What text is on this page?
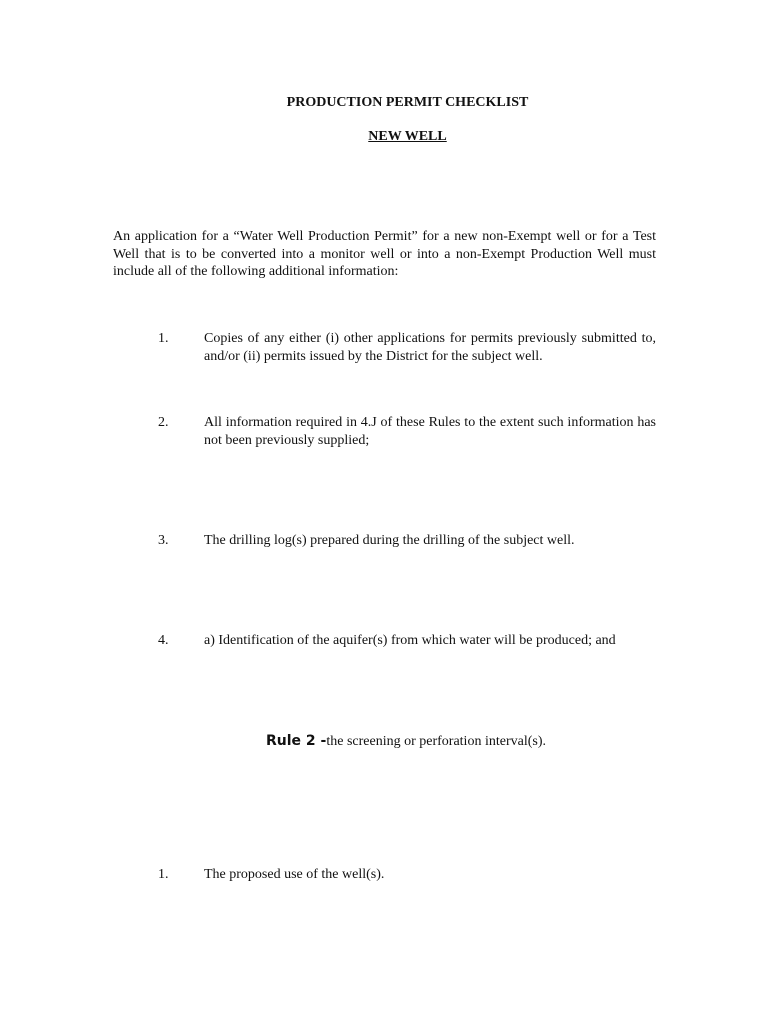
PRODUCTION PERMIT CHECKLIST
NEW WELL
An application for a “Water Well Production Permit” for a new non-Exempt well or for a Test Well that is to be converted into a monitor well or into a non-Exempt Production Well must include all of the following additional information:
1.	Copies of any either (i) other applications for permits previously submitted to, and/or (ii) permits issued by the District for the subject well.
2.	All information required in 4.J of these Rules to the extent such information has not been previously supplied;
3.	The drilling log(s) prepared during the drilling of the subject well.
4.	a) Identification of the aquifer(s) from which water will be produced; and
Rule 2 -the screening or perforation interval(s).
1.	The proposed use of the well(s).
